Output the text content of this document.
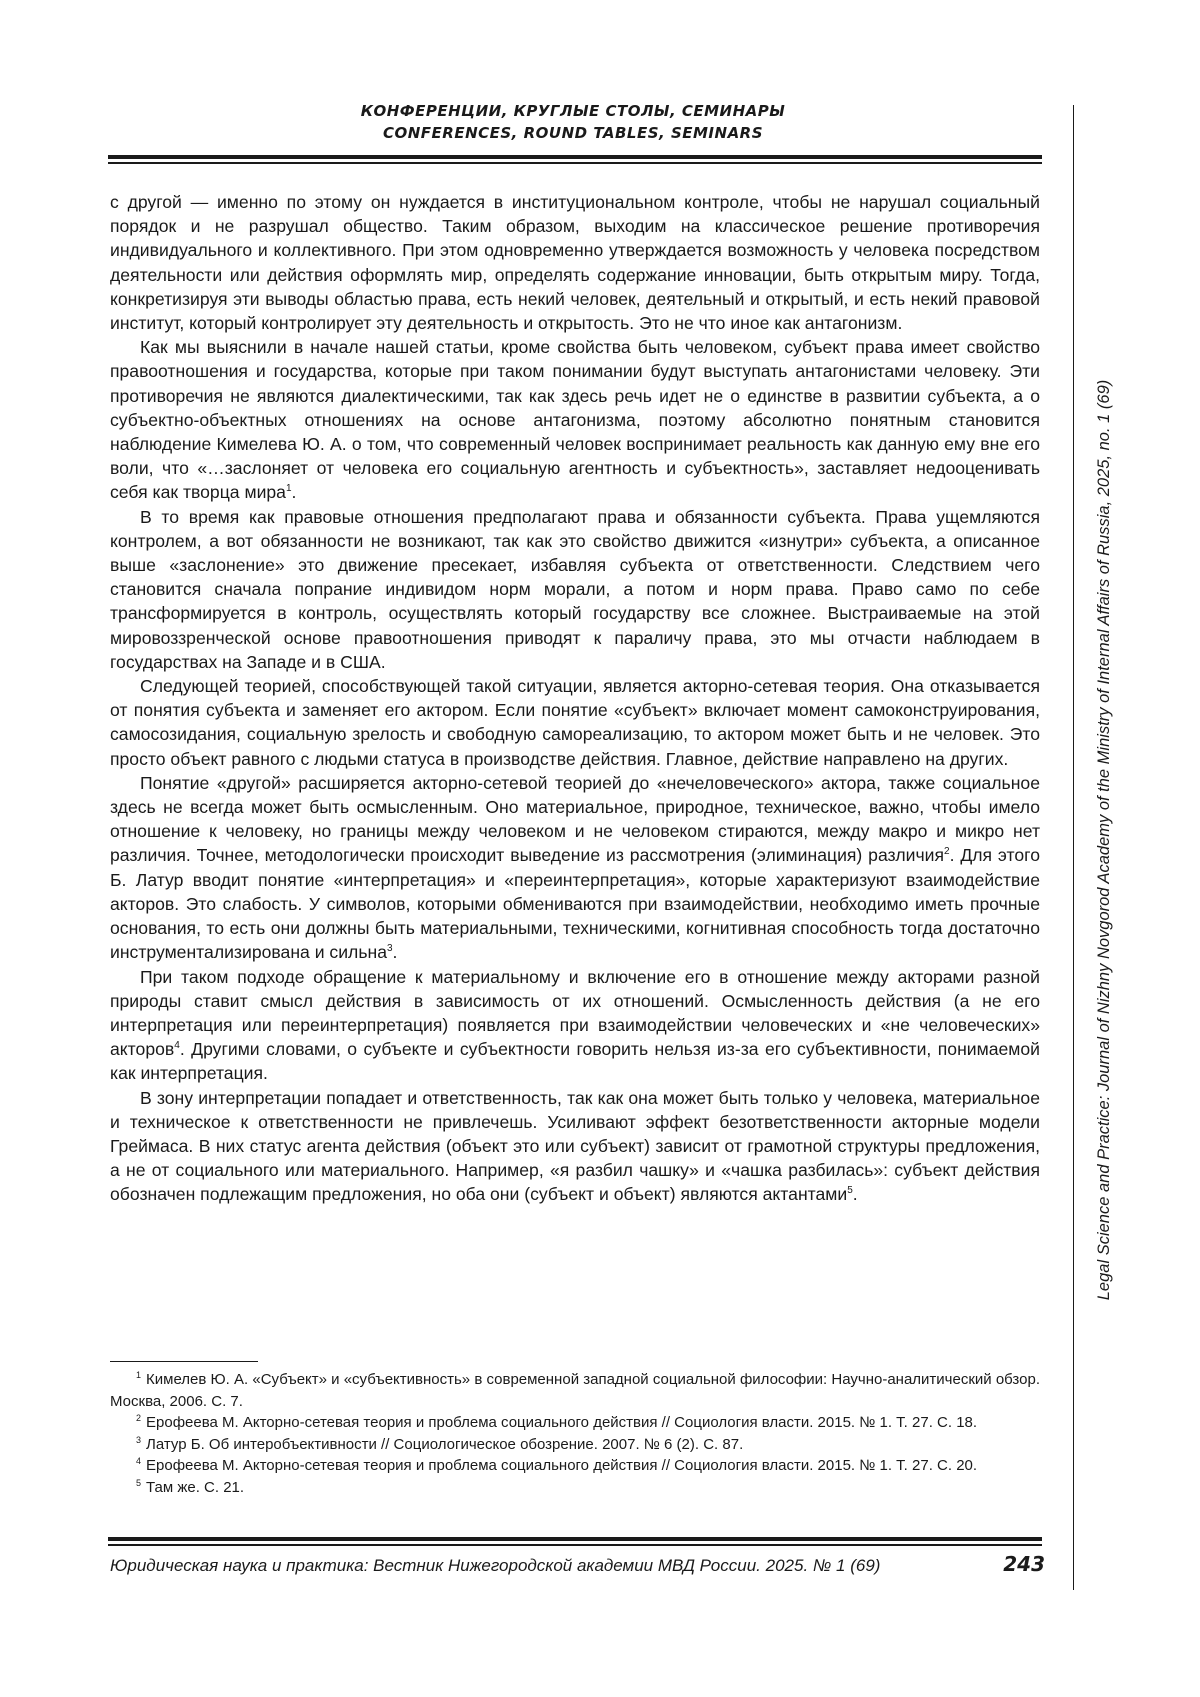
КОНФЕРЕНЦИИ, КРУГЛЫЕ СТОЛЫ, СЕМИНАРЫ
CONFERENCES, ROUND TABLES, SEMINARS
Legal Science and Practice: Journal of Nizhny Novgorod Academy of the Ministry of Internal Affairs of Russia, 2025, no. 1 (69)

с другой — именно по этому он нуждается в институциональном контроле, чтобы не нарушал социальный порядок и не разрушал общество. Таким образом, выходим на классическое решение противоречия индивидуального и коллективного. При этом одновременно утверждается возможность у человека посредством деятельности или действия оформлять мир, определять содержание инновации, быть открытым миру. Тогда, конкретизируя эти выводы областью права, есть некий человек, деятельный и открытый, и есть некий правовой институт, который контролирует эту деятельность и открытость. Это не что иное как антагонизм.

Как мы выяснили в начале нашей статьи, кроме свойства быть человеком, субъект права имеет свойство правоотношения и государства, которые при таком понимании будут выступать антагонистами человеку. Эти противоречия не являются диалектическими, так как здесь речь идет не о единстве в развитии субъекта, а о субъектно-объектных отношениях на основе антагонизма, поэтому абсолютно понятным становится наблюдение Кимелева Ю. А. о том, что современный человек воспринимает реальность как данную ему вне его воли, что «…заслоняет от человека его социальную агентность и субъектность», заставляет недооценивать себя как творца мира$^1$.

В то время как правовые отношения предполагают права и обязанности субъекта. Права ущемляются контролем, а вот обязанности не возникают, так как это свойство движится «изнутри» субъекта, а описанное выше «заслонение» это движение пресекает, избавляя субъекта от ответственности. Следствием чего становится сначала попрание индивидом норм морали, а потом и норм права. Право само по себе трансформируется в контроль, осуществлять который государству все сложнее. Выстраиваемые на этой мировоззренческой основе правоотношения приводят к параличу права, это мы отчасти наблюдаем в государствах на Западе и в США.

Следующей теорией, способствующей такой ситуации, является акторно-сетевая теория. Она отказывается от понятия субъекта и заменяет его актором. Если понятие «субъект» включает момент самоконструирования, самосозидания, социальную зрелость и свободную самореализацию, то актором может быть и не человек. Это просто объект равного с людьми статуса в производстве действия. Главное, действие направлено на других.

Понятие «другой» расширяется акторно-сетевой теорией до «нечеловеческого» актора, также социальное здесь не всегда может быть осмысленным. Оно материальное, природное, техническое, важно, чтобы имело отношение к человеку, но границы между человеком и не человеком стираются, между макро и микро нет различия. Точнее, методологически происходит выведение из рассмотрения (элиминация) различия$^2$. Для этого Б. Латур вводит понятие «интерпретация» и «переинтерпретация», которые характеризуют взаимодействие акторов. Это слабость. У символов, которыми обмениваются при взаимодействии, необходимо иметь прочные основания, то есть они должны быть материальными, техническими, когнитивная способность тогда достаточно инструментализирована и сильна$^3$.

При таком подходе обращение к материальному и включение его в отношение между акторами разной природы ставит смысл действия в зависимость от их отношений. Осмысленность действия (а не его интерпретация или переинтерпретация) появляется при взаимодействии человеческих и «не человеческих» акторов$^4$. Другими словами, о субъекте и субъектности говорить нельзя из-за его субъективности, понимаемой как интерпретация.

В зону интерпретации попадает и ответственность, так как она может быть только у человека, материальное и техническое к ответственности не привлечешь. Усиливают эффект безответственности акторные модели Греймаса. В них статус агента действия (объект это или субъект) зависит от грамотной структуры предложения, а не от социального или материального. Например, «я разбил чашку» и «чашка разбилась»: субъект действия обозначен подлежащим предложения, но оба они (субъект и объект) являются актантами$^5$.

$^1$ Кимелев Ю. А. «Субъект» и «субъективность» в современной западной социальной философии: Научно-аналитический обзор. Москва, 2006. С. 7.

$^2$ Ерофеева М. Акторно-сетевая теория и проблема социального действия // Социология власти. 2015. № 1. Т. 27. С. 18.

$^3$ Латур Б. Об интеробъективности // Социологическое обозрение. 2007. № 6 (2). С. 87.

$^4$ Ерофеева М. Акторно-сетевая теория и проблема социального действия // Социология власти. 2015. № 1. Т. 27. С. 20.

$^5$ Там же. С. 21.

Юридическая наука и практика: Вестник Нижегородской академии МВД России. 2025. № 1 (69)	243
